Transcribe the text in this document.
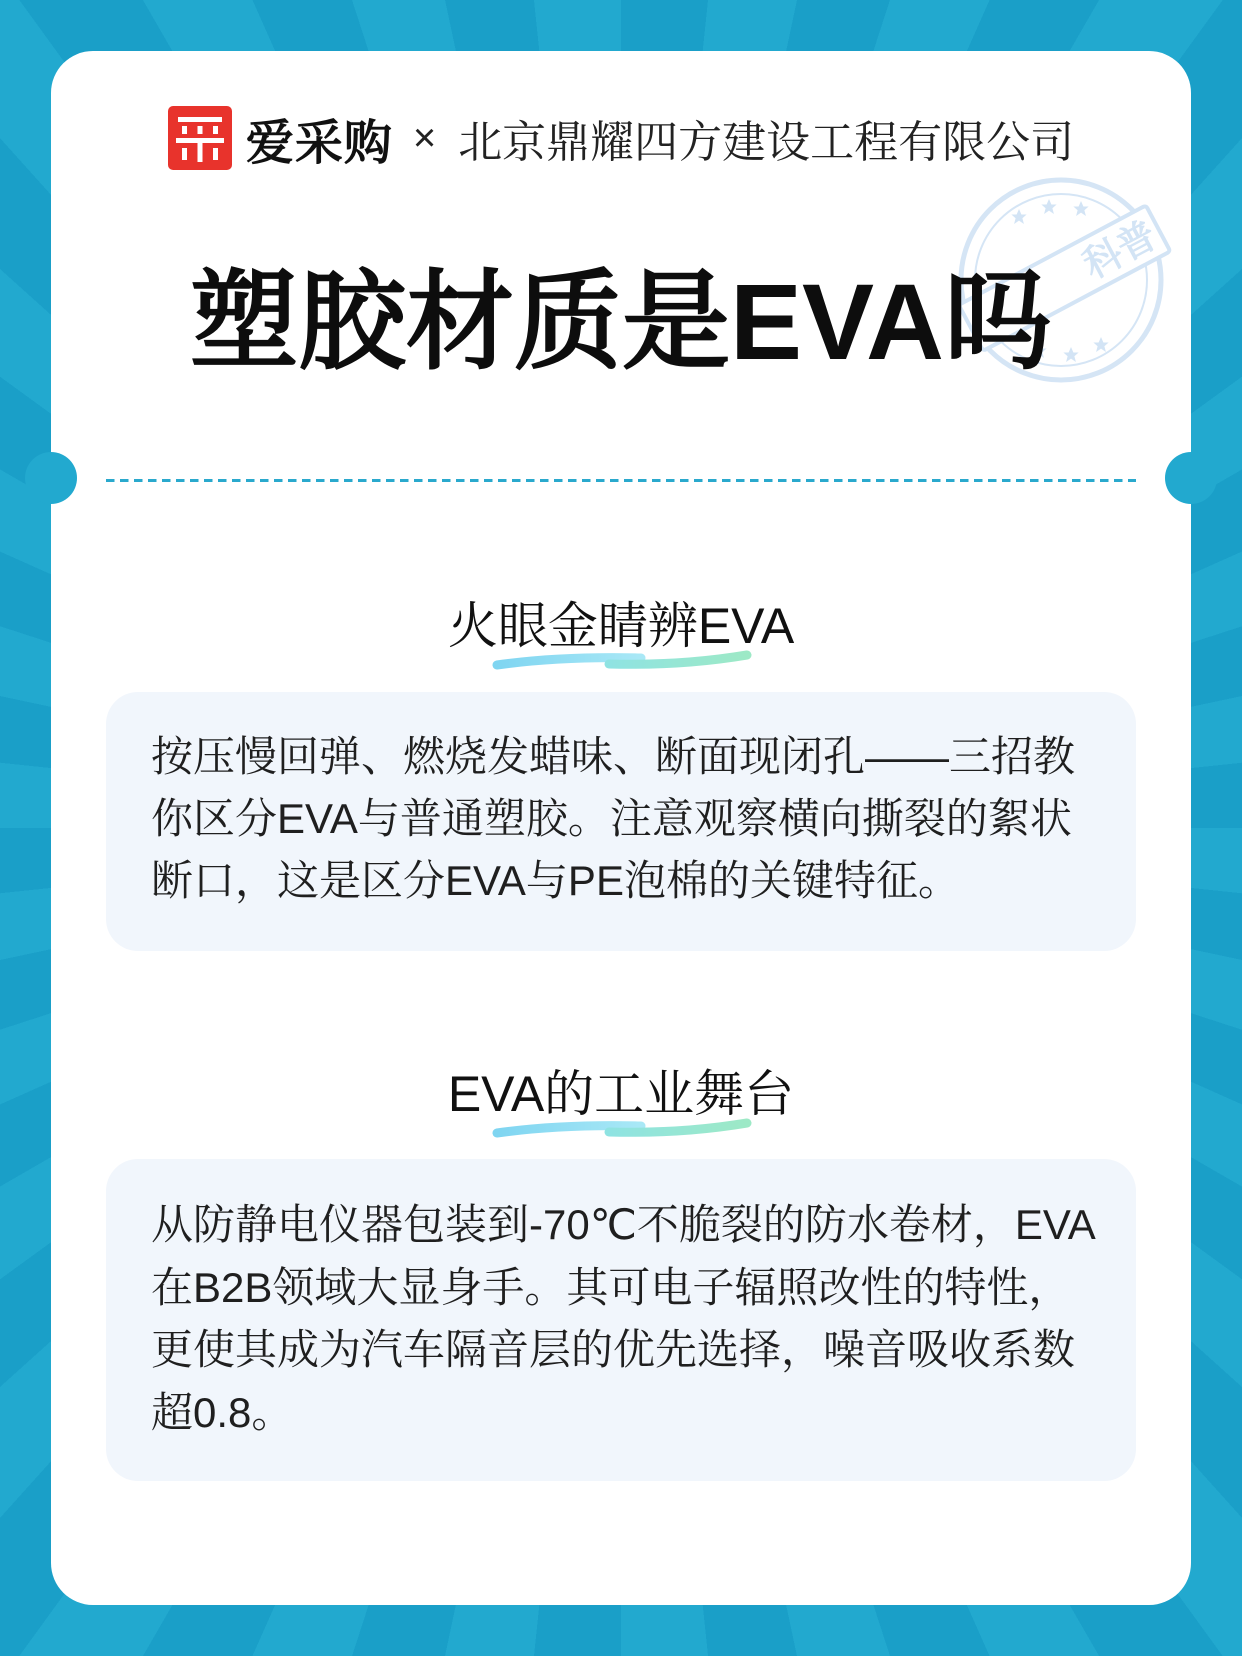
爱采购 × 北京鼎耀四方建设工程有限公司
科普
塑胶材质是EVA吗
火眼金睛辨EVA
按压慢回弹、燃烧发蜡味、断面现闭孔——三招教
你区分EVA与普通塑胶。注意观察横向撕裂的絮状
断口，这是区分EVA与PE泡棉的关键特征。
EVA的工业舞台
从防静电仪器包装到-70℃不脆裂的防水卷材，EVA
在B2B领域大显身手。其可电子辐照改性的特性，
更使其成为汽车隔音层的优先选择，噪音吸收系数
超0.8。
